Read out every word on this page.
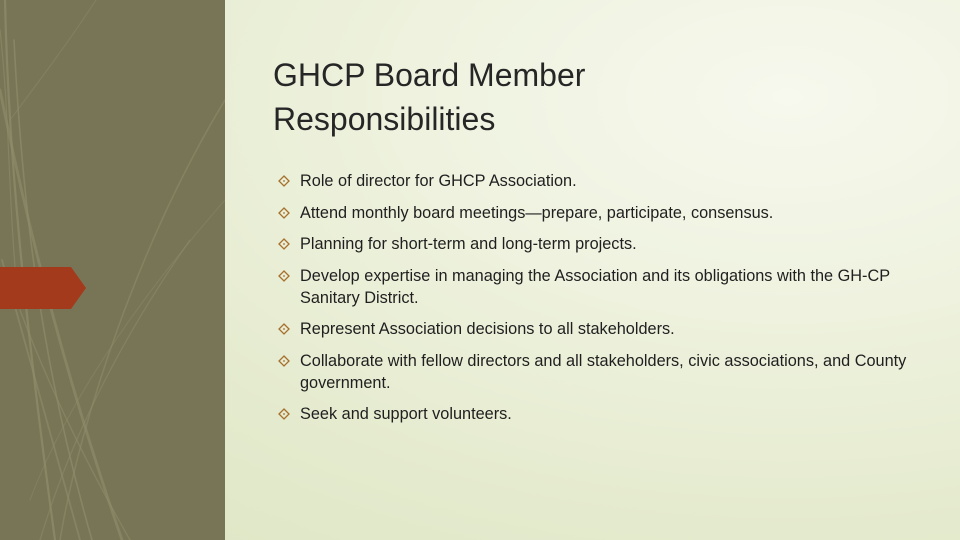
GHCP Board Member
Responsibilities
Role of director for GHCP Association.
Attend monthly board meetings—prepare, participate, consensus.
Planning for short-term and long-term projects.
Develop expertise in managing the Association and its obligations with the GH-CP Sanitary District.
Represent Association decisions to all stakeholders.
Collaborate with fellow directors and all stakeholders, civic associations, and County government.
Seek and support volunteers.
